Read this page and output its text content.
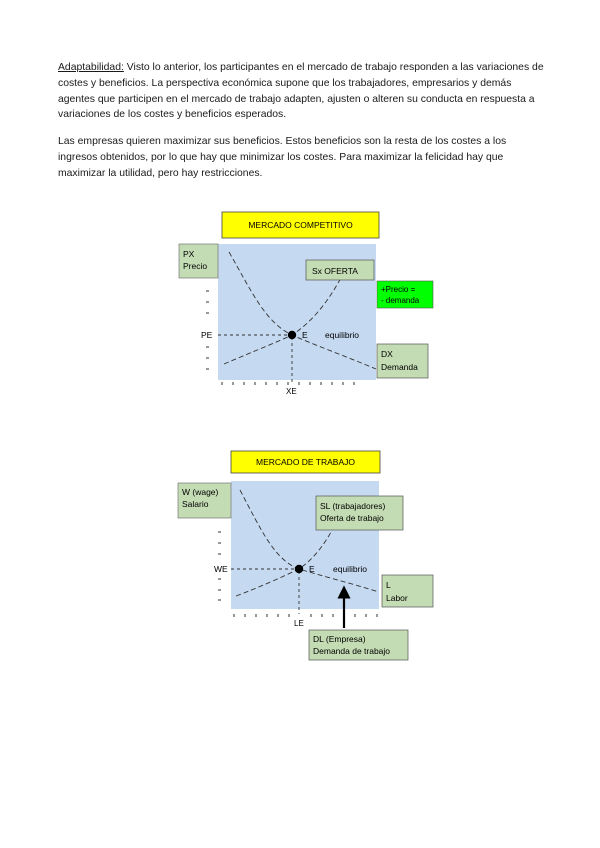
Adaptabilidad: Visto lo anterior, los participantes en el mercado de trabajo responden a las variaciones de costes y beneficios. La perspectiva económica supone que los trabajadores, empresarios y demás agentes que participen en el mercado de trabajo adapten, ajusten o alteren su conducta en respuesta a variaciones de los costes y beneficios esperados.

Las empresas quieren maximizar sus beneficios. Estos beneficios son la resta de los costes a los ingresos obtenidos, por lo que hay que minimizar los costes. Para maximizar la felicidad hay que maximizar la utilidad, pero hay restricciones.

MERCADO COMPETITIVO
PX
Precio
PE	E equilibrio
Sx OFERTA
+Precio =
- demanda
DX
Demanda
XE
MERCADO DE TRABAJO
W (wage)
Salario
WE	E equilibrio
SL (trabajadores)
Oferta de trabajo
L
Labor
LE
DL (Empresa)
Demanda de trabajo
